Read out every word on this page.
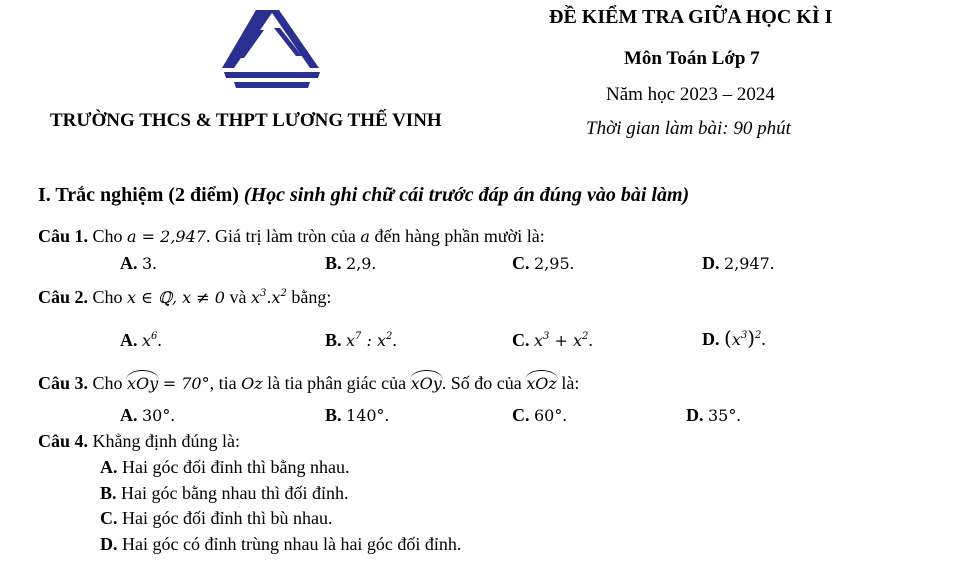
TRƯỜNG THCS & THPT LƯƠNG THẾ VINH
ĐỀ KIỂM TRA GIỮA HỌC KÌ I
Môn Toán Lớp 7
Năm học 2023 – 2024
Thời gian làm bài: 90 phút
I. Trắc nghiệm (2 điểm) (Học sinh ghi chữ cái trước đáp án đúng vào bài làm)
Câu 1. Cho a = 2,947. Giá trị làm tròn của a đến hàng phần mười là:
A. 3.	B. 2,9.	C. 2,95.	D. 2,947.
Câu 2. Cho x ∈ ℚ, x ≠ 0 và $x^3.x^2$ bằng:
A. $x^6$.	B. $x^7$ : $x^2$.	C. $x^3 + x^2$.	D. $(x^3)^2$.
Câu 3. Cho xOy = 70°, tia Oz là tia phân giác của xOy. Số đo của xOz là:
A. 30°.	B. 140°.	C. 60°.	D. 35°.
Câu 4. Khẳng định đúng là:
A. Hai góc đối đỉnh thì bằng nhau.
B. Hai góc bằng nhau thì đối đỉnh.
C. Hai góc đối đỉnh thì bù nhau.
D. Hai góc có đỉnh trùng nhau là hai góc đối đỉnh.
